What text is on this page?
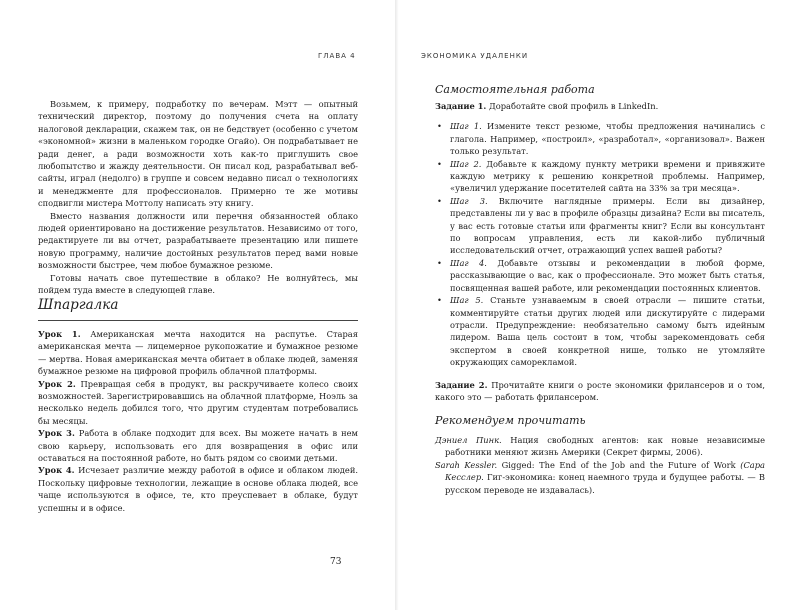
ГЛАВА 4

Возьмем, к примеру, подработку по вечерам. Мэтт — опытный технический директор, поэтому до получения счета на оплату налоговой декларации, скажем так, он не бедствует (особенно с учетом «экономной» жизни в маленьком городке Огайо). Он подрабатывает не ради денег, а ради возможности хоть как-то приглушить свое любопытство и жажду деятельности. Он писал код, разрабатывал веб-сайты, играл (недолго) в группе и совсем недавно писал о технологиях и менеджменте для профессионалов. Примерно те же мотивы сподвигли мистера Моттолу написать эту книгу.

Вместо названия должности или перечня обязанностей облако людей ориентировано на достижение результатов. Независимо от того, редактируете ли вы отчет, разрабатываете презентацию или пишете новую программу, наличие достойных результатов перед вами новые возможности быстрее, чем любое бумажное резюме.

Готовы начать свое путешествие в облако? Не волнуйтесь, мы пойдем туда вместе в следующей главе.

Шпаргалка

Урок 1. Американская мечта находится на распутье. Старая американская мечта — лицемерное рукопожатие и бумажное резюме — мертва. Новая американская мечта обитает в облаке людей, заменяя бумажное резюме на цифровой профиль облачной платформы.

Урок 2. Превращая себя в продукт, вы раскручиваете колесо своих возможностей. Зарегистрировавшись на облачной платформе, Ноэль за несколько недель добился того, что другим студентам потребовались бы месяцы.

Урок 3. Работа в облаке подходит для всех. Вы можете начать в нем свою карьеру, использовать его для возвращения в офис или оставаться на постоянной работе, но быть рядом со своими детьми.

Урок 4. Исчезает различие между работой в офисе и облаком людей. Поскольку цифровые технологии, лежащие в основе облака людей, все чаще используются в офисе, те, кто преуспевает в облаке, будут успешны и в офисе.

73
ЭКОНОМИКА УДАЛЕНКИ
Самостоятельная работа

Задание 1. Доработайте свой профиль в LinkedIn.

• Шаг 1. Измените текст резюме, чтобы предложения начинались с глагола. Например, «построил», «разработал», «организовал». Важен только результат.
• Шаг 2. Добавьте к каждому пункту метрики времени и привяжите каждую метрику к решению конкретной проблемы. Например, «увеличил удержание посетителей сайта на 33% за три месяца».
• Шаг 3. Включите наглядные примеры. Если вы дизайнер, представлены ли у вас в профиле образцы дизайна? Если вы писатель, у вас есть готовые статьи или фрагменты книг? Если вы консультант по вопросам управления, есть ли какой-либо публичный исследовательский отчет, отражающий успех вашей работы?
• Шаг 4. Добавьте отзывы и рекомендации в любой форме, рассказывающие о вас, как о профессионале. Это может быть статья, посвященная вашей работе, или рекомендации постоянных клиентов.
• Шаг 5. Станьте узнаваемым в своей отрасли — пишите статьи, комментируйте статьи других людей или дискутируйте с лидерами отрасли. Предупреждение: необязательно самому быть идейным лидером. Ваша цель состоит в том, чтобы зарекомендовать себя экспертом в своей конкретной нише, только не утомляйте окружающих саморекламой.

Задание 2. Прочитайте книги о росте экономики фрилансеров и о том, какого это — работать фрилансером.

Рекомендуем прочитать

Дэниел Пинк. Нация свободных агентов: как новые независимые работники меняют жизнь Америки (Секрет фирмы, 2006).

Sarah Kessler. Gigged: The End of the Job and the Future of Work (Сара Кесслер. Гиг-экономика: конец наемного труда и будущее работы. — В русском переводе не издавалась).
